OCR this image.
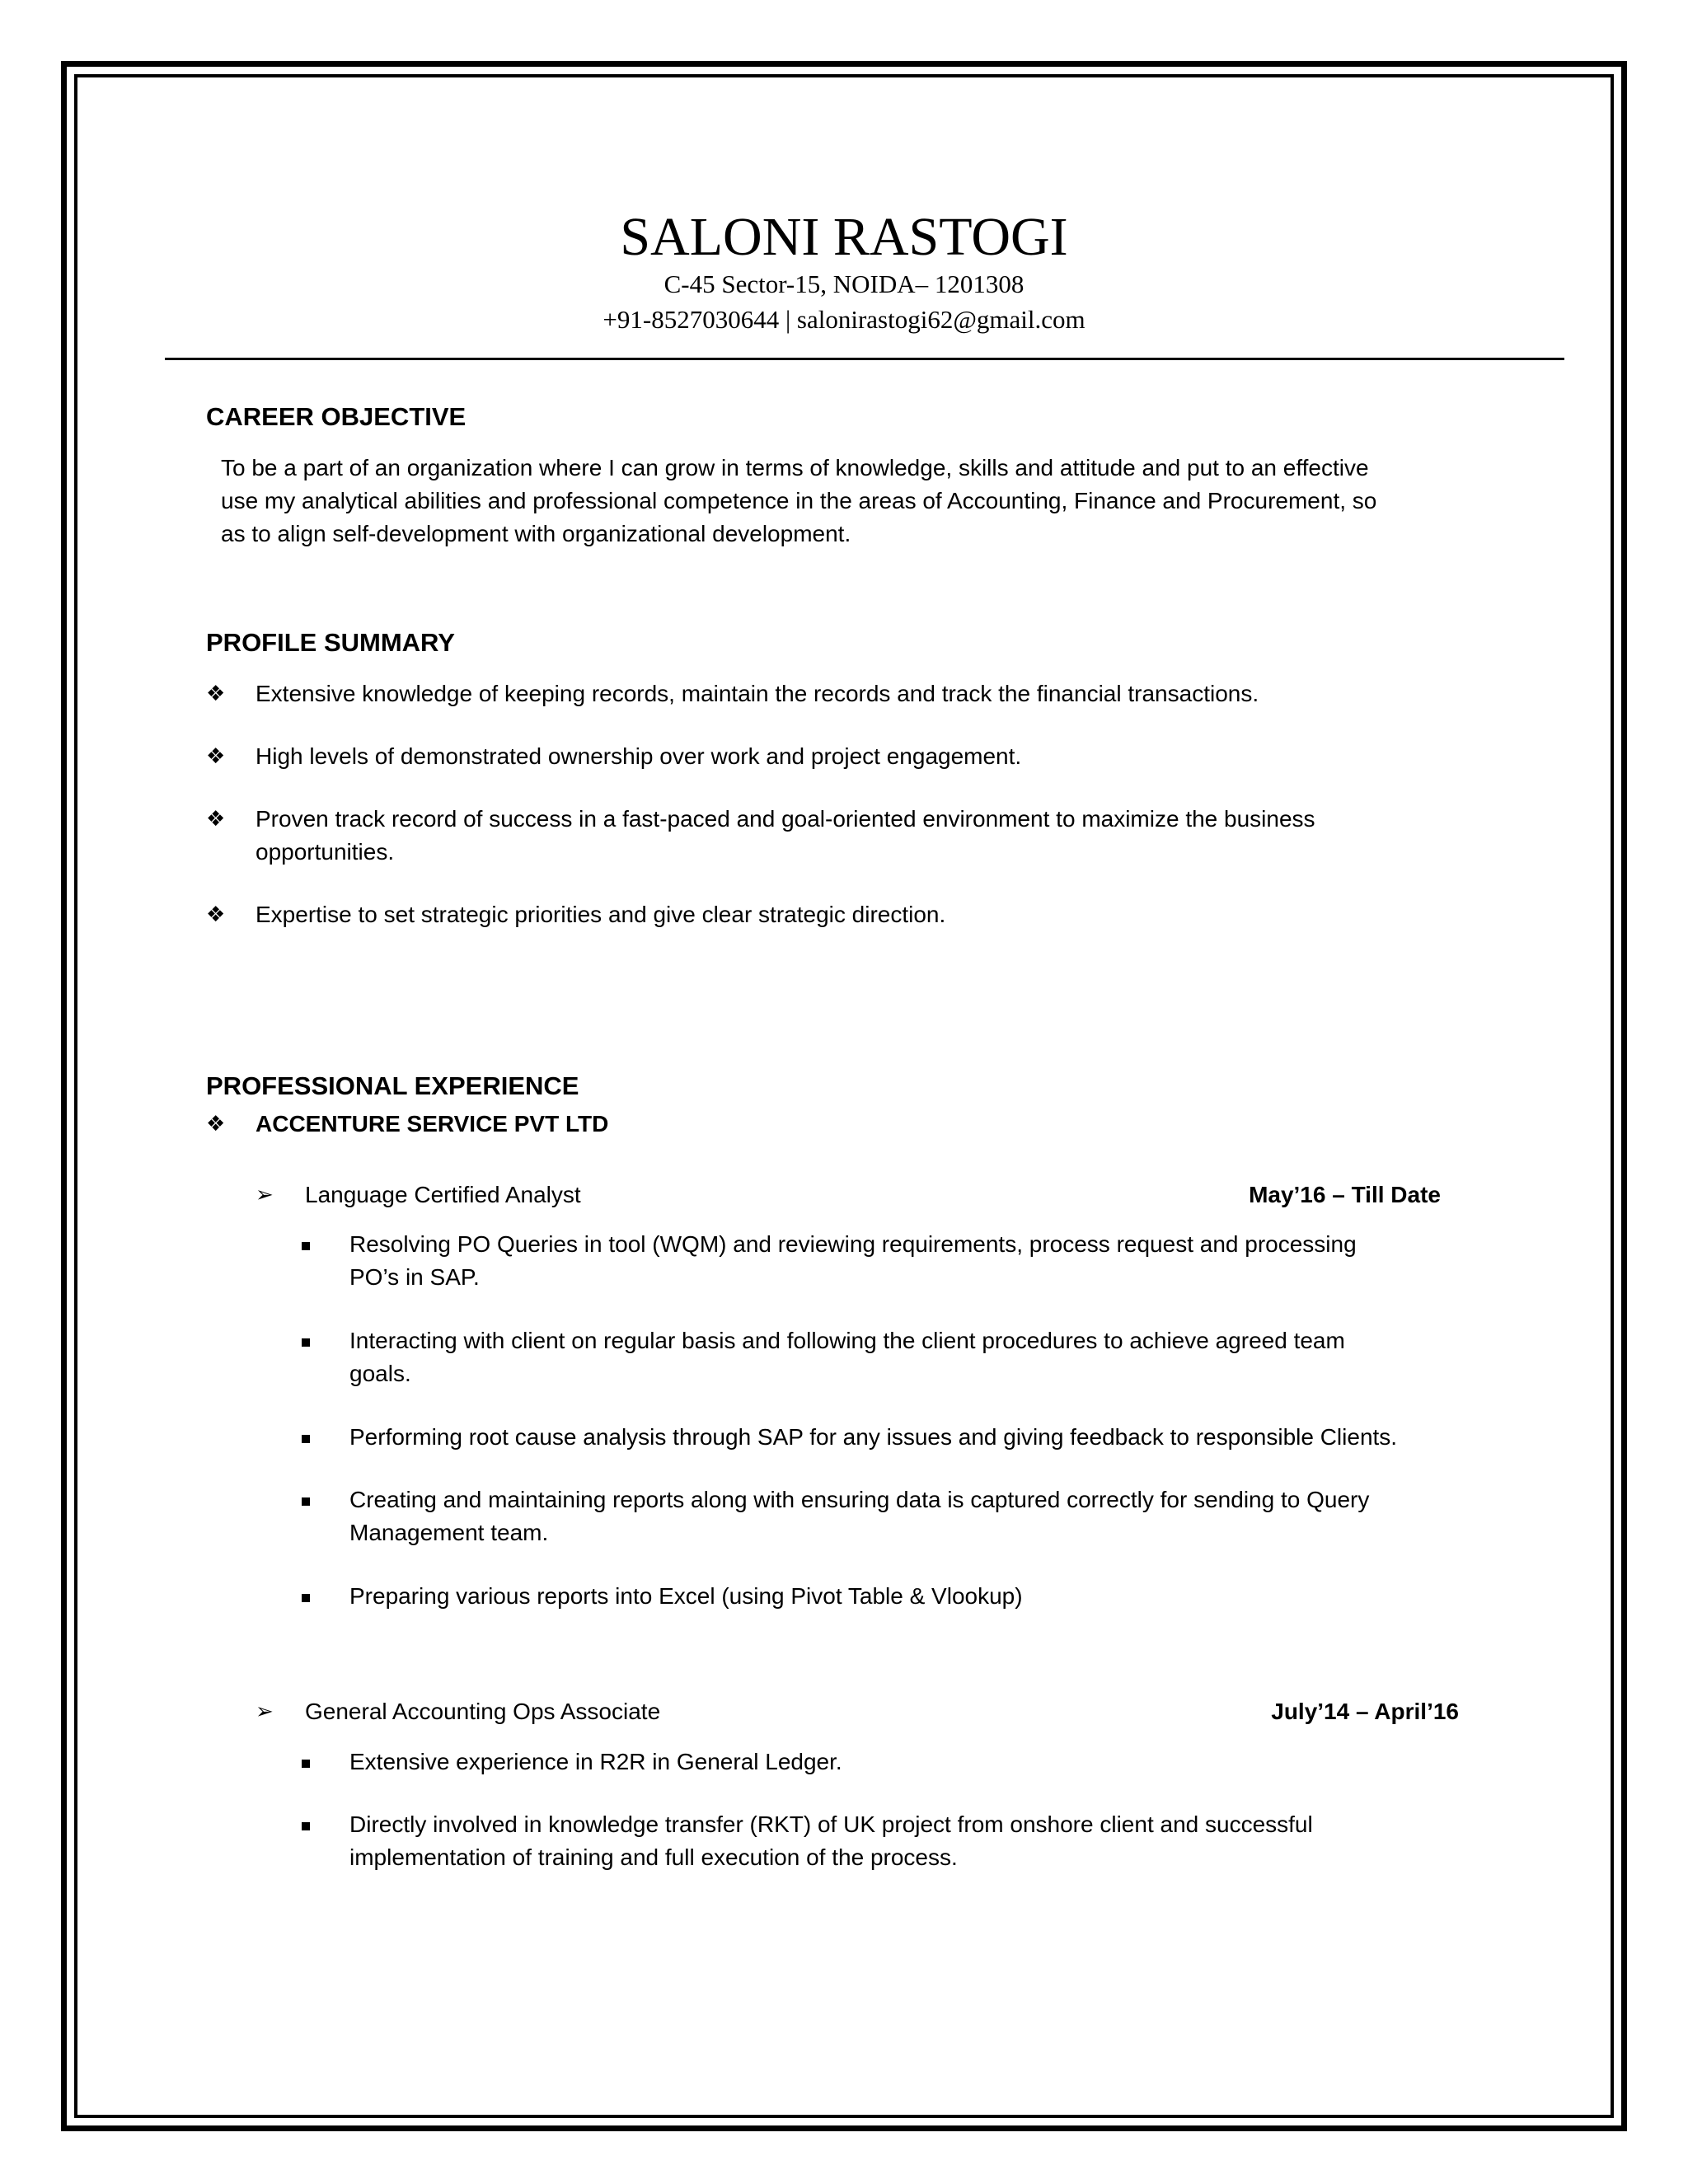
SALONI RASTOGI
C-45 Sector-15, NOIDA– 1201308
+91-8527030644 | salonirastogi62@gmail.com
CAREER OBJECTIVE
To be a part of an organization where I can grow in terms of knowledge, skills and attitude and put to an effective
use my analytical abilities and professional competence in the areas of Accounting, Finance and Procurement, so
as to align self-development with organizational development.
PROFILE SUMMARY
❖ Extensive knowledge of keeping records, maintain the records and track the financial transactions.
❖ High levels of demonstrated ownership over work and project engagement.
❖ Proven track record of success in a fast-paced and goal-oriented environment to maximize the business
opportunities.
❖ Expertise to set strategic priorities and give clear strategic direction.
PROFESSIONAL EXPERIENCE
❖ ACCENTURE SERVICE PVT LTD
➢ Language Certified Analyst	May’16 – Till Date
Resolving PO Queries in tool (WQM) and reviewing requirements, process request and processing
PO’s in SAP.
Interacting with client on regular basis and following the client procedures to achieve agreed team
goals.
Performing root cause analysis through SAP for any issues and giving feedback to responsible Clients.
Creating and maintaining reports along with ensuring data is captured correctly for sending to Query
Management team.
Preparing various reports into Excel (using Pivot Table & Vlookup)
➢ General Accounting Ops Associate	July’14 – April’16
Extensive experience in R2R in General Ledger.
Directly involved in knowledge transfer (RKT) of UK project from onshore client and successful
implementation of training and full execution of the process.
